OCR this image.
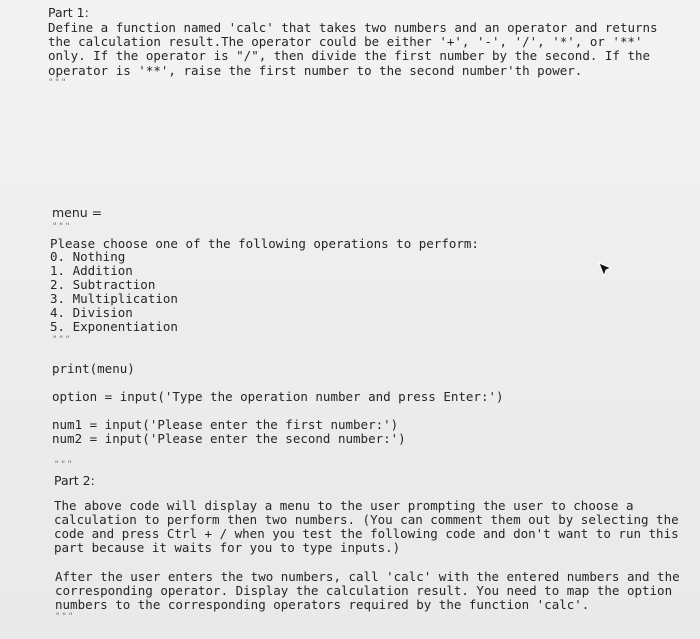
Part 1:
Define a function named 'calc' that takes two numbers and an operator and returns
the calculation result.The operator could be either '+', '-', '/', '*', or '**'
only. If the operator is "/", then divide the first number by the second. If the
operator is '**', raise the first number to the second number'th power.
"""
menu =
"""
Please choose one of the following operations to perform:
0. Nothing
1. Addition
2. Subtraction
3. Multiplication
4. Division
5. Exponentiation
"""
print(menu)
option = input('Type the operation number and press Enter:')
num1 = input('Please enter the first number:')
num2 = input('Please enter the second number:')
"""
Part 2:
The above code will display a menu to the user prompting the user to choose a
calculation to perform then two numbers. (You can comment them out by selecting the
code and press Ctrl + / when you test the following code and don't want to run this
part because it waits for you to type inputs.)
After the user enters the two numbers, call 'calc' with the entered numbers and the
corresponding operator. Display the calculation result. You need to map the option
numbers to the corresponding operators required by the function 'calc'.
"""
